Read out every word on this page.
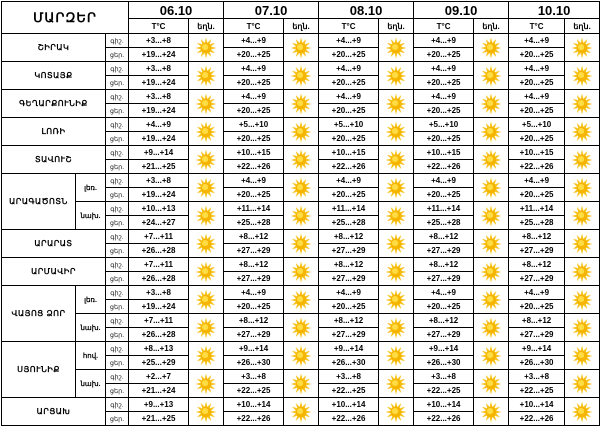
ՄԱՐԶԵՐ			06.10		07.10		08.10		09.10		10.10	
			T°C	եղն.	T°C	եղն.	T°C	եղն.	T°C	եղն.	T°C	եղն.
ՇԻՐԱԿ		գիշ.	+3...+8		+4...+9		+4...+9		+4...+9		+4...+9	

		ցեր.	+19...+24		+20...+25		+20...+25		+20...+25		+20...+25	
ԿՈՏԱՅՔ		գիշ.	+3...+8		+4...+9		+4...+9		+4...+9		+4...+9	

		ցեր.	+19...+24		+20...+25		+20...+25		+20...+25		+20...+25	
ԳԵՂԱՐՔՈՒՆԻՔ		գիշ.	+3...+8		+4...+9		+4...+9		+4...+9		+4...+9	

		ցեր.	+19...+24		+20...+25		+20...+25		+20...+25		+20...+25	
ԼՈՌԻ		գիշ.	+4...+9		+5...+10		+5...+10		+5...+10		+5...+10	

		ցեր.	+19...+24		+20...+25		+20...+25		+20...+25		+20...+25	
ՏԱՎՈՒՇ		գիշ.	+9...+14		+10...+15		+10...+15		+10...+15		+10...+15	

		ցեր.	+21...+25		+22...+26		+22...+26		+22...+26		+22...+26	
ԱՐԱԳԱԾՈՏՆ	լեռ.	գիշ.	+3...+8		+4...+9		+4...+9		+4...+9		+4...+9	

		ցեր.	+19...+24		+20...+25		+20...+25		+20...+25		+20...+25	
	նախ.	գիշ.	+10...+13		+11...+14		+11...+14		+11...+14		+11...+14	

		ցեր.	+24...+27		+25...+28		+25...+28		+25...+28		+25...+28	
ԱՐԱՐԱՏ		գիշ.	+7...+11		+8...+12		+8...+12		+8...+12		+8...+12	

		ցեր.	+26...+28		+27...+29		+27...+29		+27...+29		+27...+29	
ԱՐՄԱՎԻՐ		գիշ.	+7...+11		+8...+12		+8...+12		+8...+12		+8...+12	

		ցեր.	+26...+28		+27...+29		+27...+29		+27...+29		+27...+29	
ՎԱՅՈՑ ՁՈՐ	լեռ.	գիշ.	+3...+8		+4...+9		+4...+9		+4...+9		+4...+9	

		ցեր.	+19...+24		+20...+25		+20...+25		+20...+25		+20...+25	
	նախ.	գիշ.	+7...+11		+8...+12		+8...+12		+8...+12		+8...+12	

		ցեր.	+26...+28		+27...+29		+27...+29		+27...+29		+27...+29	
ՍՅՈՒՆԻՔ	հով.	գիշ.	+8...+13		+9...+14		+9...+14		+9...+14		+9...+14	

		ցեր.	+25...+29		+26...+30		+26...+30		+26...+30		+26...+30	
	նախ.	գիշ.	+2...+7		+3...+8		+3...+8		+3...+8		+3...+8	

		ցեր.	+21...+24		+22...+25		+22...+25		+22...+25		+22...+25	
ԱՐՑԱԽ		գիշ.	+9...+13		+10...+14		+10...+14		+10...+14		+10...+14	

		ցեր.	+21...+25		+22...+26		+22...+26		+22...+26		+22...+26	
